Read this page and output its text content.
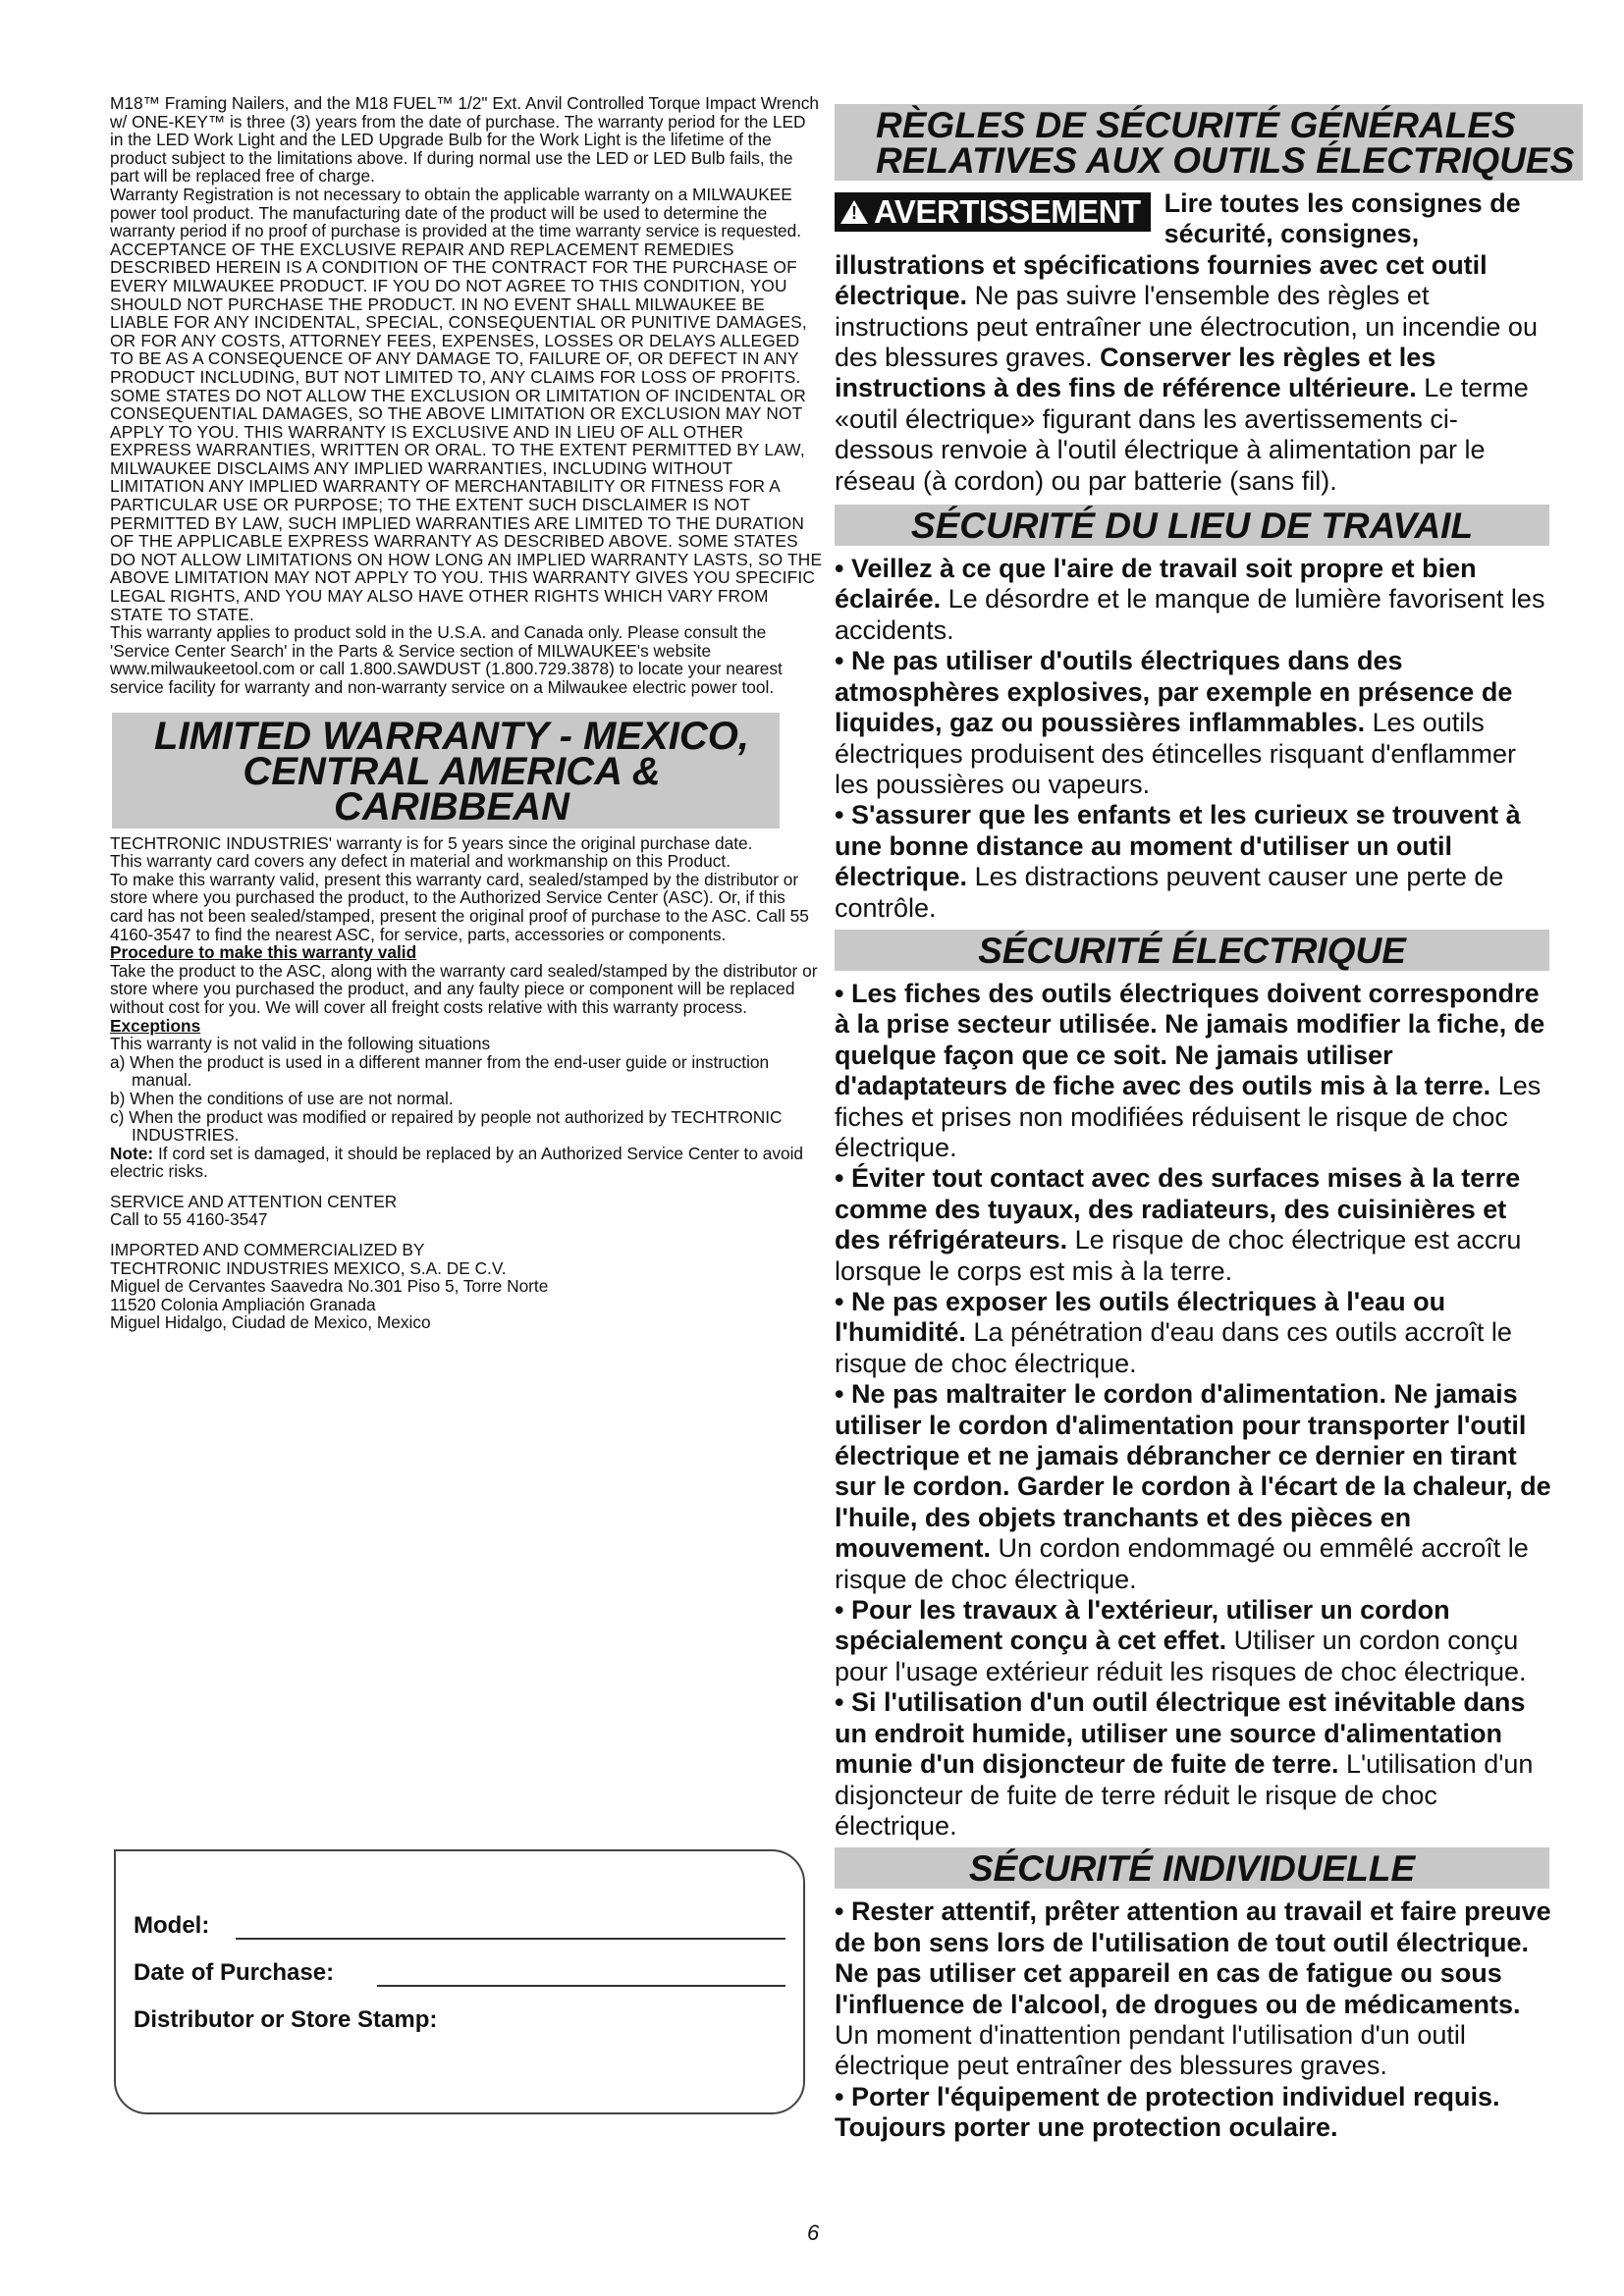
M18™ Framing Nailers, and the M18 FUEL™ 1/2" Ext. Anvil Controlled Torque Impact Wrench w/ ONE-KEY™ is three (3) years from the date of purchase. The warranty period for the LED in the LED Work Light and the LED Upgrade Bulb for the Work Light is the lifetime of the product subject to the limitations above. If during normal use the LED or LED Bulb fails, the part will be replaced free of charge.

Warranty Registration is not necessary to obtain the applicable warranty on a MILWAUKEE power tool product. The manufacturing date of the product will be used to determine the warranty period if no proof of purchase is provided at the time warranty service is requested.

ACCEPTANCE OF THE EXCLUSIVE REPAIR AND REPLACEMENT REMEDIES DESCRIBED HEREIN IS A CONDITION OF THE CONTRACT FOR THE PURCHASE OF EVERY MILWAUKEE PRODUCT. IF YOU DO NOT AGREE TO THIS CONDITION, YOU SHOULD NOT PURCHASE THE PRODUCT. IN NO EVENT SHALL MILWAUKEE BE LIABLE FOR ANY INCIDENTAL, SPECIAL, CONSEQUENTIAL OR PUNITIVE DAMAGES, OR FOR ANY COSTS, ATTORNEY FEES, EXPENSES, LOSSES OR DELAYS ALLEGED TO BE AS A CONSEQUENCE OF ANY DAMAGE TO, FAILURE OF, OR DEFECT IN ANY PRODUCT INCLUDING, BUT NOT LIMITED TO, ANY CLAIMS FOR LOSS OF PROFITS. SOME STATES DO NOT ALLOW THE EXCLUSION OR LIMITATION OF INCIDENTAL OR CONSEQUENTIAL DAMAGES, SO THE ABOVE LIMITATION OR EXCLUSION MAY NOT APPLY TO YOU. THIS WARRANTY IS EXCLUSIVE AND IN LIEU OF ALL OTHER EXPRESS WARRANTIES, WRITTEN OR ORAL. TO THE EXTENT PERMITTED BY LAW, MILWAUKEE DISCLAIMS ANY IMPLIED WARRANTIES, INCLUDING WITHOUT LIMITATION ANY IMPLIED WARRANTY OF MERCHANTABILITY OR FITNESS FOR A PARTICULAR USE OR PURPOSE; TO THE EXTENT SUCH DISCLAIMER IS NOT PERMITTED BY LAW, SUCH IMPLIED WARRANTIES ARE LIMITED TO THE DURATION OF THE APPLICABLE EXPRESS WARRANTY AS DESCRIBED ABOVE. SOME STATES DO NOT ALLOW LIMITATIONS ON HOW LONG AN IMPLIED WARRANTY LASTS, SO THE ABOVE LIMITATION MAY NOT APPLY TO YOU. THIS WARRANTY GIVES YOU SPECIFIC LEGAL RIGHTS, AND YOU MAY ALSO HAVE OTHER RIGHTS WHICH VARY FROM STATE TO STATE.

This warranty applies to product sold in the U.S.A. and Canada only. Please consult the 'Service Center Search' in the Parts & Service section of MILWAUKEE's website www.milwaukeetool.com or call 1.800.SAWDUST (1.800.729.3878) to locate your nearest service facility for warranty and non-warranty service on a Milwaukee electric power tool.

LIMITED WARRANTY - MEXICO,
CENTRAL AMERICA & CARIBBEAN

TECHTRONIC INDUSTRIES' warranty is for 5 years since the original purchase date.

This warranty card covers any defect in material and workmanship on this Product.

To make this warranty valid, present this warranty card, sealed/stamped by the distributor or store where you purchased the product, to the Authorized Service Center (ASC). Or, if this card has not been sealed/stamped, present the original proof of purchase to the ASC. Call 55 4160-3547 to find the nearest ASC, for service, parts, accessories or components.

Procedure to make this warranty valid

Take the product to the ASC, along with the warranty card sealed/stamped by the distributor or store where you purchased the product, and any faulty piece or component will be replaced without cost for you. We will cover all freight costs relative with this warranty process.

Exceptions

This warranty is not valid in the following situations

a) When the product is used in a different manner from the end-user guide or instruction manual.

b) When the conditions of use are not normal.

c) When the product was modified or repaired by people not authorized by TECHTRONIC INDUSTRIES.

Note: If cord set is damaged, it should be replaced by an Authorized Service Center to avoid electric risks.

SERVICE AND ATTENTION CENTER

Call to 55 4160-3547

IMPORTED AND COMMERCIALIZED BY

TECHTRONIC INDUSTRIES MEXICO, S.A. DE C.V.

Miguel de Cervantes Saavedra No.301 Piso 5, Torre Norte

11520 Colonia Ampliación Granada

Miguel Hidalgo, Ciudad de Mexico, Mexico

Model:
Date of Purchase:
Distributor or Store Stamp:
6
RÈGLES DE SÉCURITÉ GÉNÉRALES
RELATIVES AUX OUTILS ÉLECTRIQUES
! AVERTISSEMENT Lire toutes les consignes de sécurité, consignes, illustrations et spécifications fournies avec cet outil électrique. Ne pas suivre l'ensemble des règles et instructions peut entraîner une électrocution, un incendie ou des blessures graves. Conserver les règles et les instructions à des fins de référence ultérieure. Le terme «outil électrique» figurant dans les avertissements ci-dessous renvoie à l'outil électrique à alimentation par le réseau (à cordon) ou par batterie (sans fil).
SÉCURITÉ DU LIEU DE TRAVAIL

• Veillez à ce que l'aire de travail soit propre et bien éclairée. Le désordre et le manque de lumière favorisent les accidents.

• Ne pas utiliser d'outils électriques dans des atmosphères explosives, par exemple en présence de liquides, gaz ou poussières inflammables. Les outils électriques produisent des étincelles risquant d'enflammer les poussières ou vapeurs.

• S'assurer que les enfants et les curieux se trouvent à une bonne distance au moment d'utiliser un outil électrique. Les distractions peuvent causer une perte de contrôle.

SÉCURITÉ ÉLECTRIQUE

• Les fiches des outils électriques doivent correspondre à la prise secteur utilisée. Ne jamais modifier la fiche, de quelque façon que ce soit. Ne jamais utiliser d'adaptateurs de fiche avec des outils mis à la terre. Les fiches et prises non modifiées réduisent le risque de choc électrique.

• Éviter tout contact avec des surfaces mises à la terre comme des tuyaux, des radiateurs, des cuisinières et des réfrigérateurs. Le risque de choc électrique est accru lorsque le corps est mis à la terre.

• Ne pas exposer les outils électriques à l'eau ou l'humidité. La pénétration d'eau dans ces outils accroît le risque de choc électrique.

• Ne pas maltraiter le cordon d'alimentation. Ne jamais utiliser le cordon d'alimentation pour transporter l'outil électrique et ne jamais débrancher ce dernier en tirant sur le cordon. Garder le cordon à l'écart de la chaleur, de l'huile, des objets tranchants et des pièces en mouvement. Un cordon endommagé ou emmêlé accroît le risque de choc électrique.

• Pour les travaux à l'extérieur, utiliser un cordon spécialement conçu à cet effet. Utiliser un cordon conçu pour l'usage extérieur réduit les risques de choc électrique.

• Si l'utilisation d'un outil électrique est inévitable dans un endroit humide, utiliser une source d'alimentation munie d'un disjoncteur de fuite de terre. L'utilisation d'un disjoncteur de fuite de terre réduit le risque de choc électrique.

SÉCURITÉ INDIVIDUELLE

• Rester attentif, prêter attention au travail et faire preuve de bon sens lors de l'utilisation de tout outil électrique. Ne pas utiliser cet appareil en cas de fatigue ou sous l'influence de l'alcool, de drogues ou de médicaments. Un moment d'inattention pendant l'utilisation d'un outil électrique peut entraîner des blessures graves.

• Porter l'équipement de protection individuel requis. Toujours porter une protection oculaire.
